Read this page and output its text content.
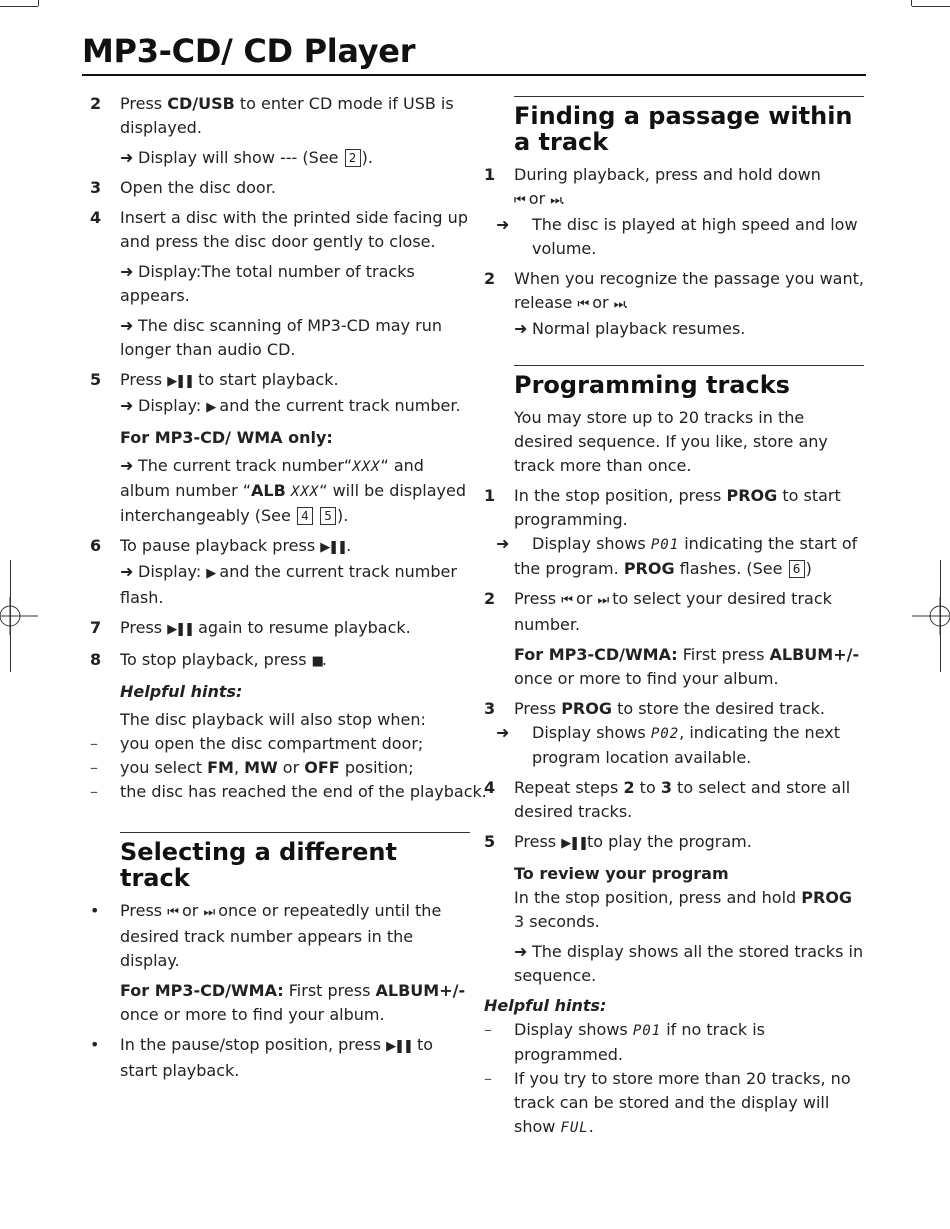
MP3-CD/ CD Player
2 Press CD/USB to enter CD mode if USB is displayed.
➜ Display will show --- (See 2 ).
3 Open the disc door.
4 Insert a disc with the printed side facing up and press the disc door gently to close.
➜ Display:The total number of tracks appears.
➜ The disc scanning of MP3-CD may run longer than audio CD.
5 Press ▶❚❚ to start playback.
➜ Display: ▶ and the current track number.
For MP3-CD/ WMA only:
➜ The current track number“XXX“ and album number “ALB XXX“ will be displayed interchangeably (See 4 5 ).
6 To pause playback press ▶❚❚.
➜ Display: ▶ and the current track number flash.
7 Press ▶❚❚ again to resume playback.
8 To stop playback, press ■.
Helpful hints:
The disc playback will also stop when:
– you open the disc compartment door;
– you select FM, MW or OFF position;
– the disc has reached the end of the playback.
Selecting a different track
• Press ⏮ or ⏭ once or repeatedly until the desired track number appears in the display.
For MP3-CD/WMA: First press ALBUM+/- once or more to find your album.
• In the pause/stop position, press ▶❚❚ to start playback.
Finding a passage within a track
1 During playback, press and hold down
⏮ or ⏭.
➜ The disc is played at high speed and low volume.
2 When you recognize the passage you want, release ⏮ or ⏭.
➜ Normal playback resumes.
Programming tracks
You may store up to 20 tracks in the desired sequence. If you like, store any track more than once.
1 In the stop position, press PROG to start programming.
➜ Display shows P01 indicating the start of
the program. PROG flashes. (See 6 )
2 Press ⏮ or ⏭ to select your desired track number.
For MP3-CD/WMA: First press ALBUM+/- once or more to find your album.
3 Press PROG to store the desired track.
➜ Display shows P02, indicating the next program location available.
4 Repeat steps 2 to 3 to select and store all desired tracks.
5 Press ▶❚❚to play the program.
To review your program
In the stop position, press and hold PROG 3 seconds.
➜ The display shows all the stored tracks in sequence.
Helpful hints:
– Display shows P01 if no track is programmed.
– If you try to store more than 20 tracks, no track can be stored and the display will show FUL.
